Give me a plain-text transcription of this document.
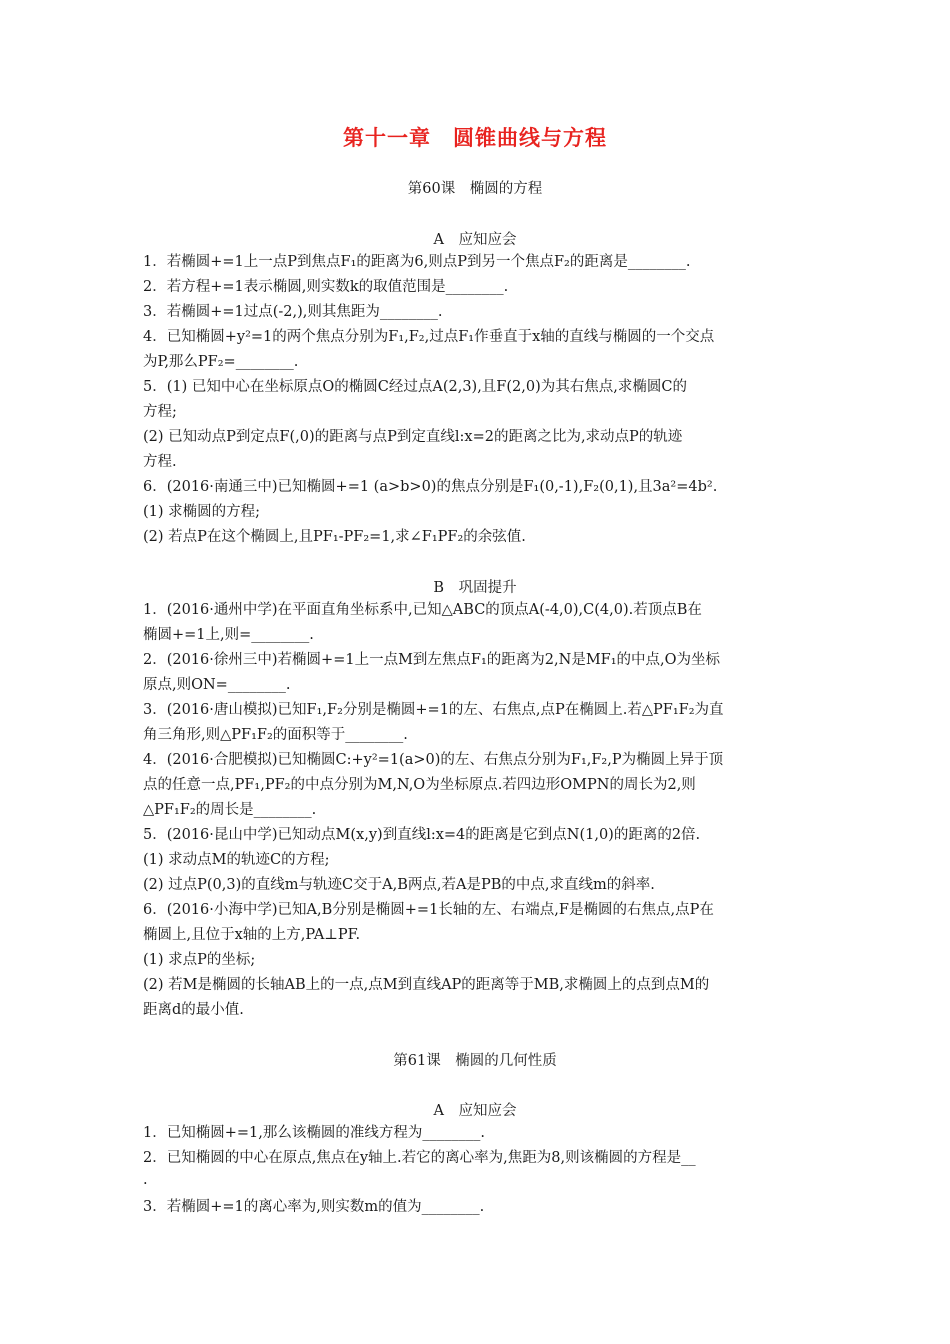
第十一章　圆锥曲线与方程
第60课　椭圆的方程
A　应知应会
1．若椭圆+=1上一点P到焦点F₁的距离为6,则点P到另一个焦点F₂的距离是________.
2．若方程+=1表示椭圆,则实数k的取值范围是________.
3．若椭圆+=1过点(-2,),则其焦距为________.
4．已知椭圆+y²=1的两个焦点分别为F₁,F₂,过点F₁作垂直于x轴的直线与椭圆的一个交点
为P,那么PF₂=________.
5．(1) 已知中心在坐标原点O的椭圆C经过点A(2,3),且F(2,0)为其右焦点,求椭圆C的
方程;
(2) 已知动点P到定点F(,0)的距离与点P到定直线l:x=2的距离之比为,求动点P的轨迹
方程.
6．(2016·南通三中)已知椭圆+=1 (a>b>0)的焦点分别是F₁(0,-1),F₂(0,1),且3a²=4b².
(1) 求椭圆的方程;
(2) 若点P在这个椭圆上,且PF₁-PF₂=1,求∠F₁PF₂的余弦值.
B　巩固提升
1．(2016·通州中学)在平面直角坐标系中,已知△ABC的顶点A(-4,0),C(4,0).若顶点B在
椭圆+=1上,则=________.
2．(2016·徐州三中)若椭圆+=1上一点M到左焦点F₁的距离为2,N是MF₁的中点,O为坐标
原点,则ON=________.
3．(2016·唐山模拟)已知F₁,F₂分别是椭圆+=1的左、右焦点,点P在椭圆上.若△PF₁F₂为直
角三角形,则△PF₁F₂的面积等于________.
4．(2016·合肥模拟)已知椭圆C:+y²=1(a>0)的左、右焦点分别为F₁,F₂,P为椭圆上异于顶
点的任意一点,PF₁,PF₂的中点分别为M,N,O为坐标原点.若四边形OMPN的周长为2,则
△PF₁F₂的周长是________.
5．(2016·昆山中学)已知动点M(x,y)到直线l:x=4的距离是它到点N(1,0)的距离的2倍.
(1) 求动点M的轨迹C的方程;
(2) 过点P(0,3)的直线m与轨迹C交于A,B两点,若A是PB的中点,求直线m的斜率.
6．(2016·小海中学)已知A,B分别是椭圆+=1长轴的左、右端点,F是椭圆的右焦点,点P在
椭圆上,且位于x轴的上方,PA⊥PF.
(1) 求点P的坐标;
(2) 若M是椭圆的长轴AB上的一点,点M到直线AP的距离等于MB,求椭圆上的点到点M的
距离d的最小值.
第61课　椭圆的几何性质
A　应知应会
1．已知椭圆+=1,那么该椭圆的准线方程为________.
2．已知椭圆的中心在原点,焦点在y轴上.若它的离心率为,焦距为8,则该椭圆的方程是__
.
3．若椭圆+=1的离心率为,则实数m的值为________.
